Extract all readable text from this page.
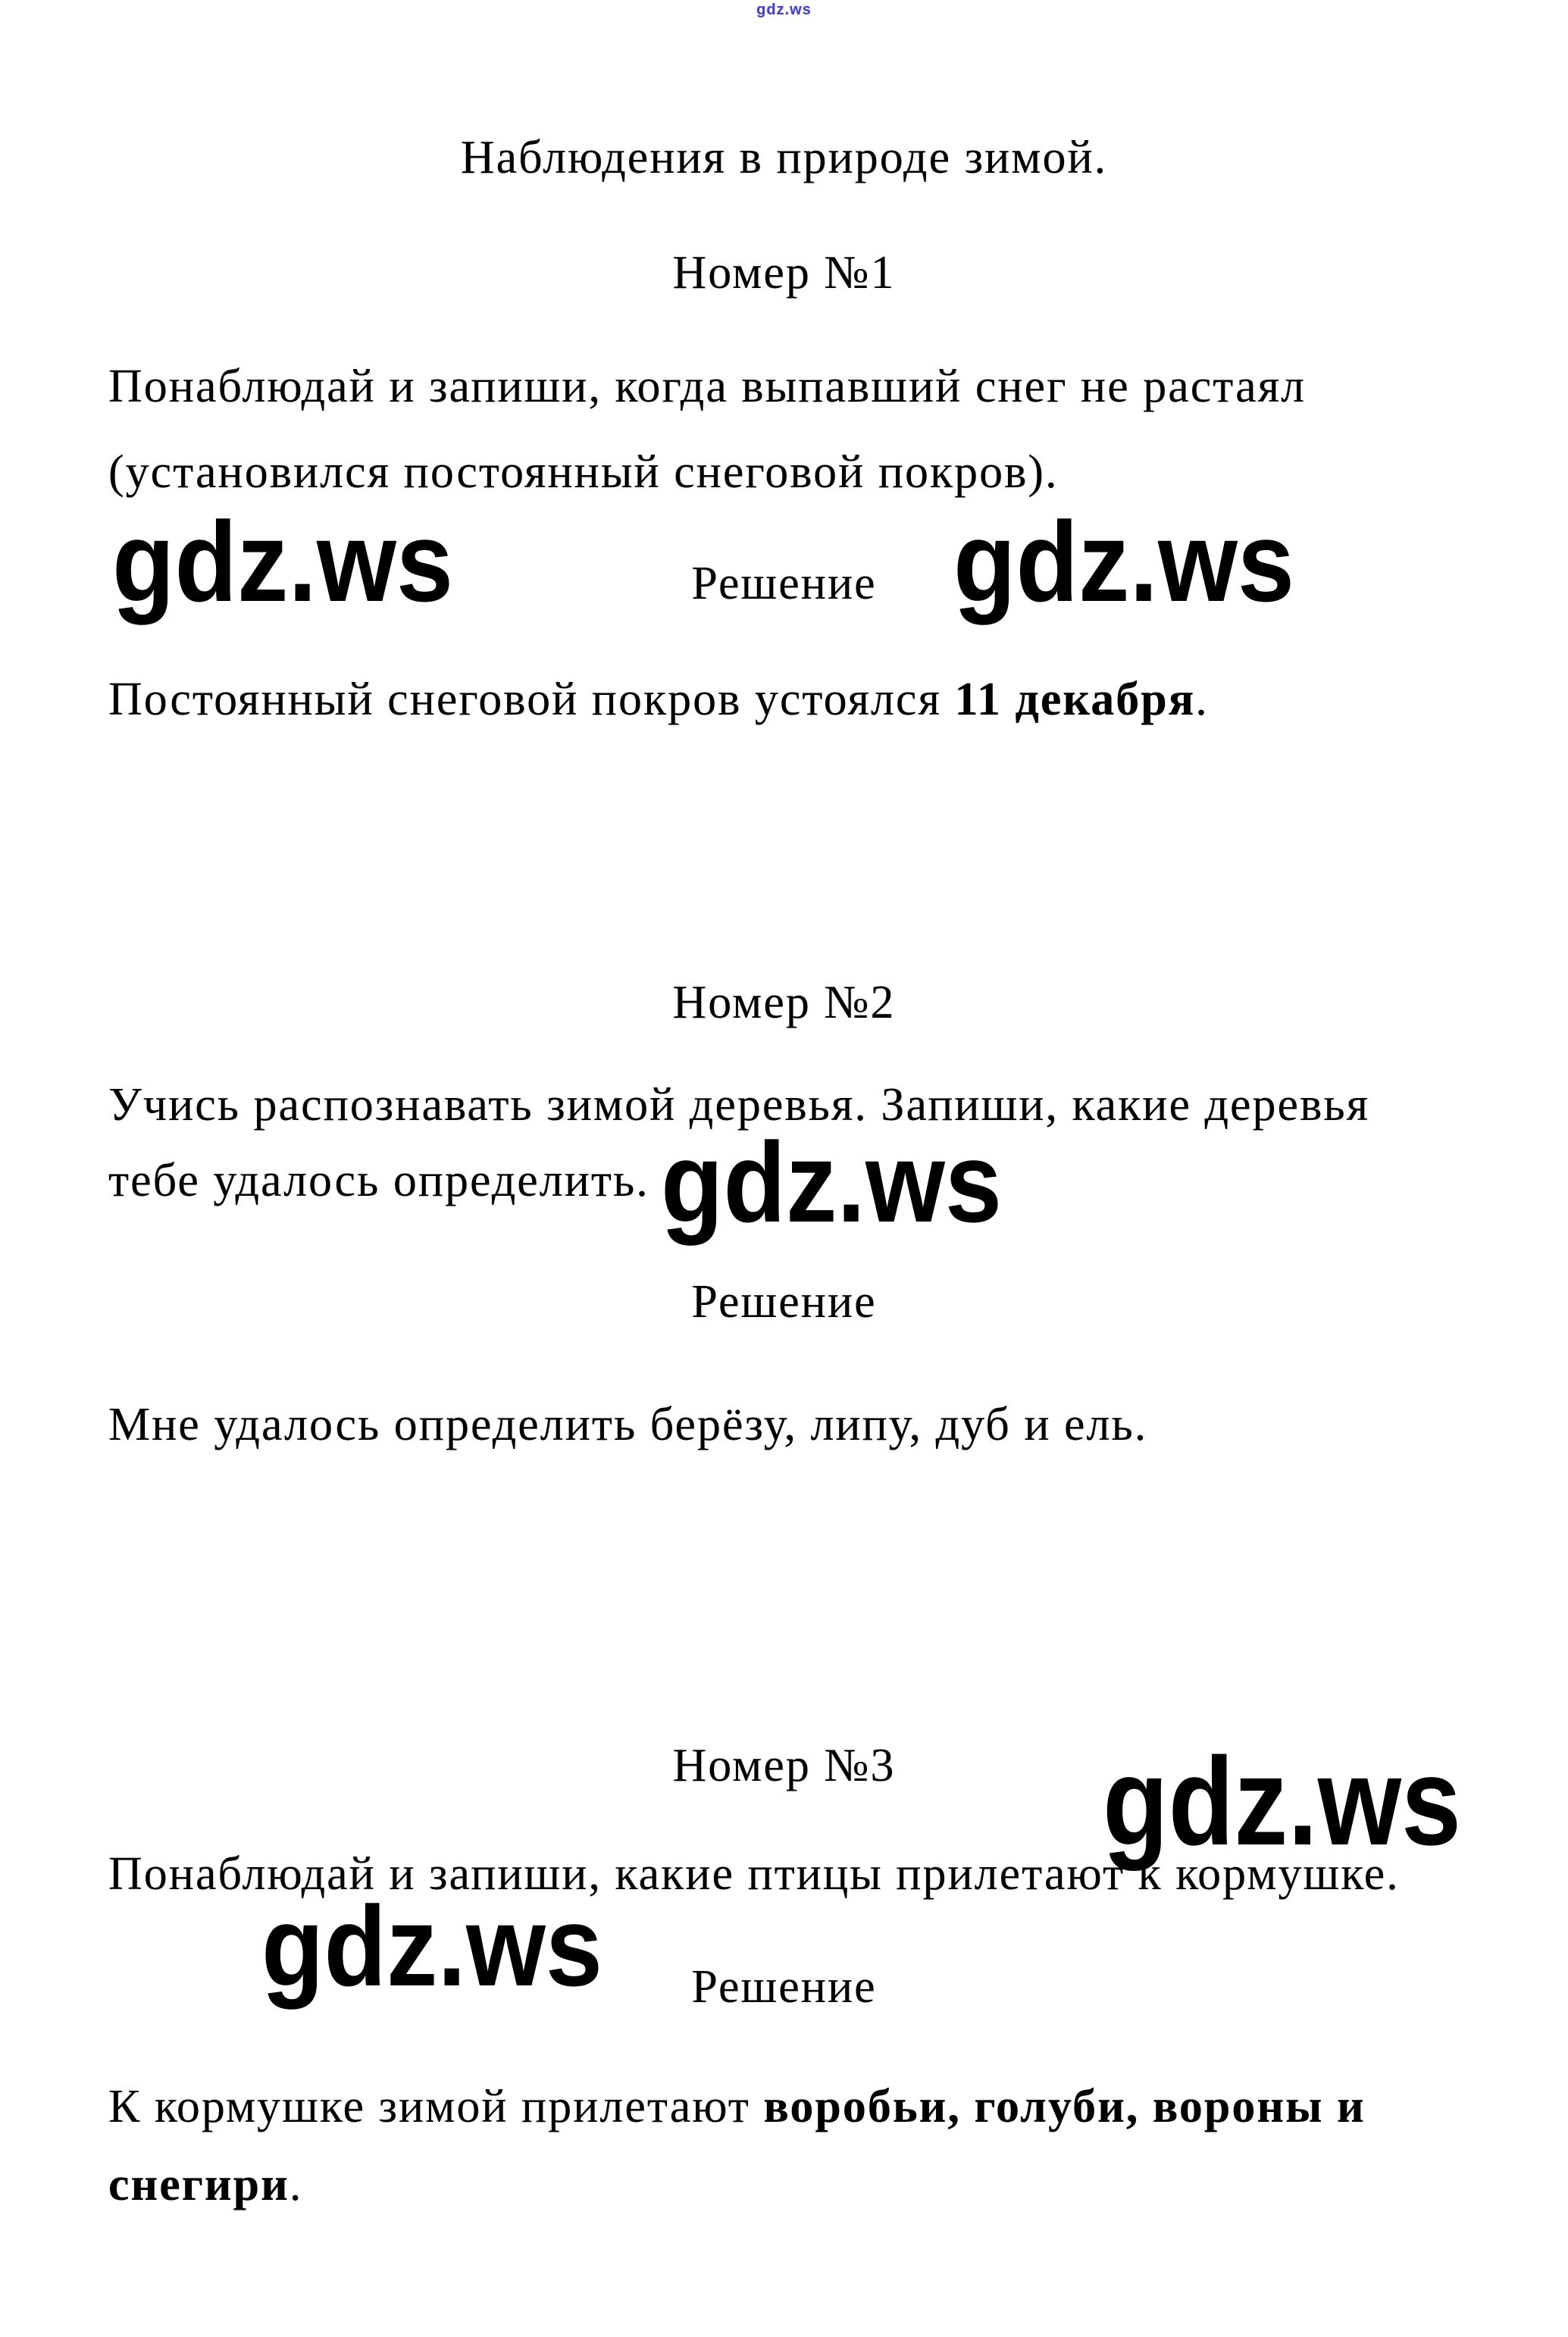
gdz.ws
Наблюдения в природе зимой.
Номер №1
Понаблюдай и запиши, когда выпавший снег не растаял
(установился постоянный снеговой покров).
gdz.ws	Решение gdz.ws
Постоянный снеговой покров устоялся 11 декабря.
Номер №2
Учись распознавать зимой деревья. Запиши, какие деревья
тебе удалось определить. gdz.ws
Решение
Мне удалось определить берёзу, липу, дуб и ель.
Номер №3	gdz.ws
Понаблюдай и запиши, какие птицы прилетают к кормушке.
gdz.ws	Решение
К кормушке зимой прилетают воробьи, голуби, вороны и
снегири.
